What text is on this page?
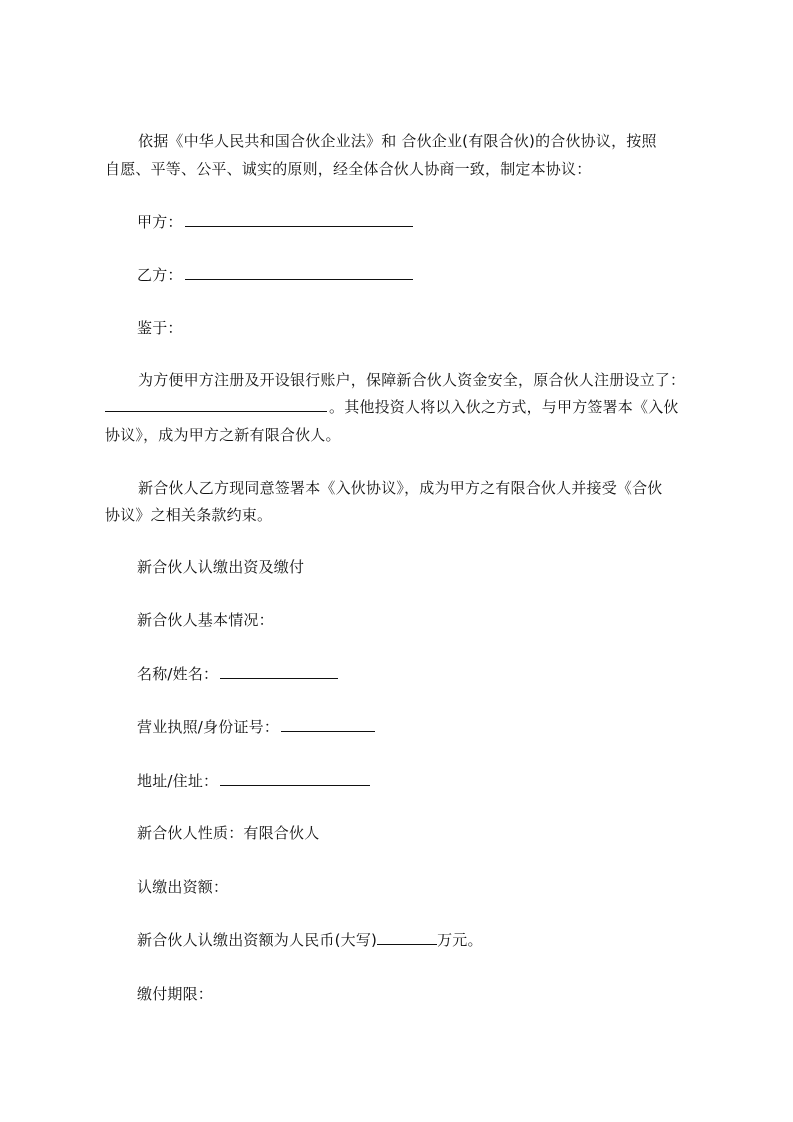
依据《中华人民共和国合伙企业法》和 合伙企业(有限合伙)的合伙协议，按照
自愿、平等、公平、诚实的原则，经全体合伙人协商一致，制定本协议：
甲方：
乙方：
鉴于：
为方便甲方注册及开设银行账户，保障新合伙人资金安全，原合伙人注册设立了：
。其他投资人将以入伙之方式，与甲方签署本《入伙
协议》，成为甲方之新有限合伙人。
新合伙人乙方现同意签署本《入伙协议》，成为甲方之有限合伙人并接受《合伙
协议》之相关条款约束。
新合伙人认缴出资及缴付
新合伙人基本情况：
名称/姓名：
营业执照/身份证号：
地址/住址：
新合伙人性质：有限合伙人
认缴出资额：
新合伙人认缴出资额为人民币(大写)	万元。
缴付期限：
